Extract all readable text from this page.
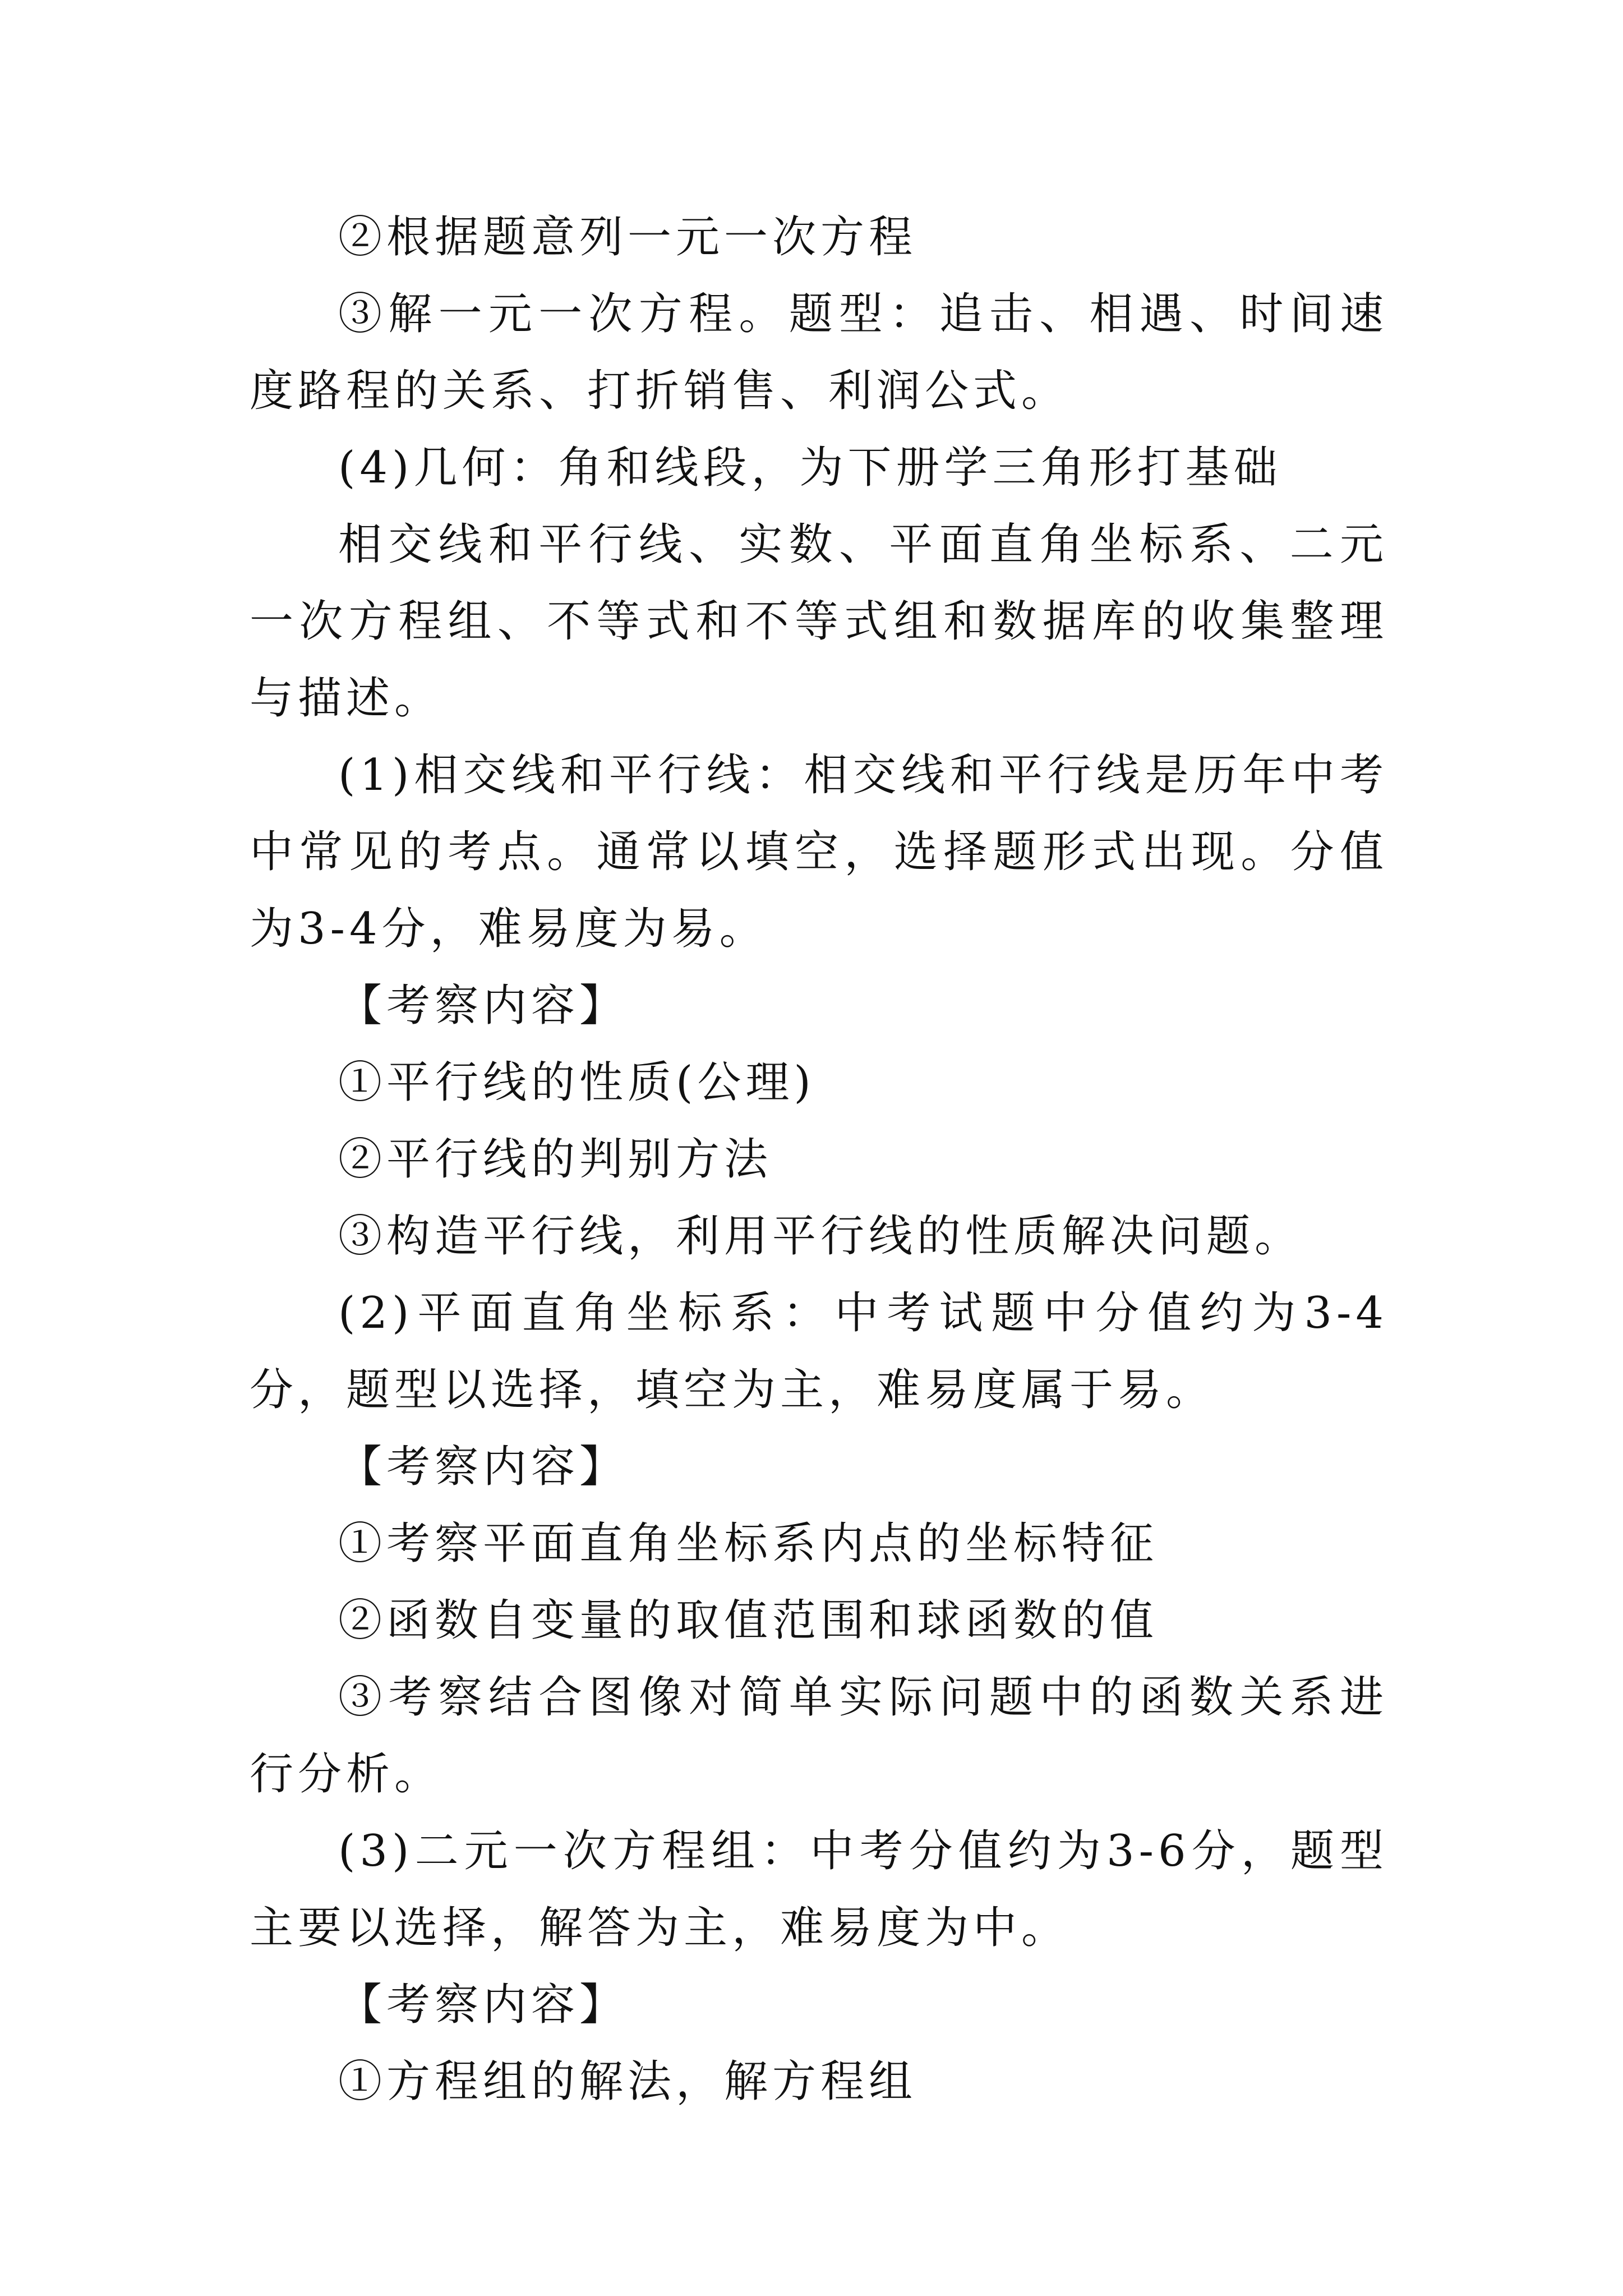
②根据题意列一元一次方程

③解一元一次方程。题型：追击、相遇、时间速度路程的关系、打折销售、利润公式。

(4)几何：角和线段，为下册学三角形打基础

相交线和平行线、实数、平面直角坐标系、二元一次方程组、不等式和不等式组和数据库的收集整理与描述。

(1)相交线和平行线：相交线和平行线是历年中考中常见的考点。通常以填空，选择题形式出现。分值为3-4分，难易度为易。

【考察内容】

①平行线的性质(公理)

②平行线的判别方法

③构造平行线，利用平行线的性质解决问题。

(2)平面直角坐标系：中考试题中分值约为3-4分，题型以选择，填空为主，难易度属于易。

【考察内容】

①考察平面直角坐标系内点的坐标特征

②函数自变量的取值范围和球函数的值

③考察结合图像对简单实际问题中的函数关系进行分析。

(3)二元一次方程组：中考分值约为3-6分，题型主要以选择，解答为主，难易度为中。

【考察内容】

①方程组的解法，解方程组
